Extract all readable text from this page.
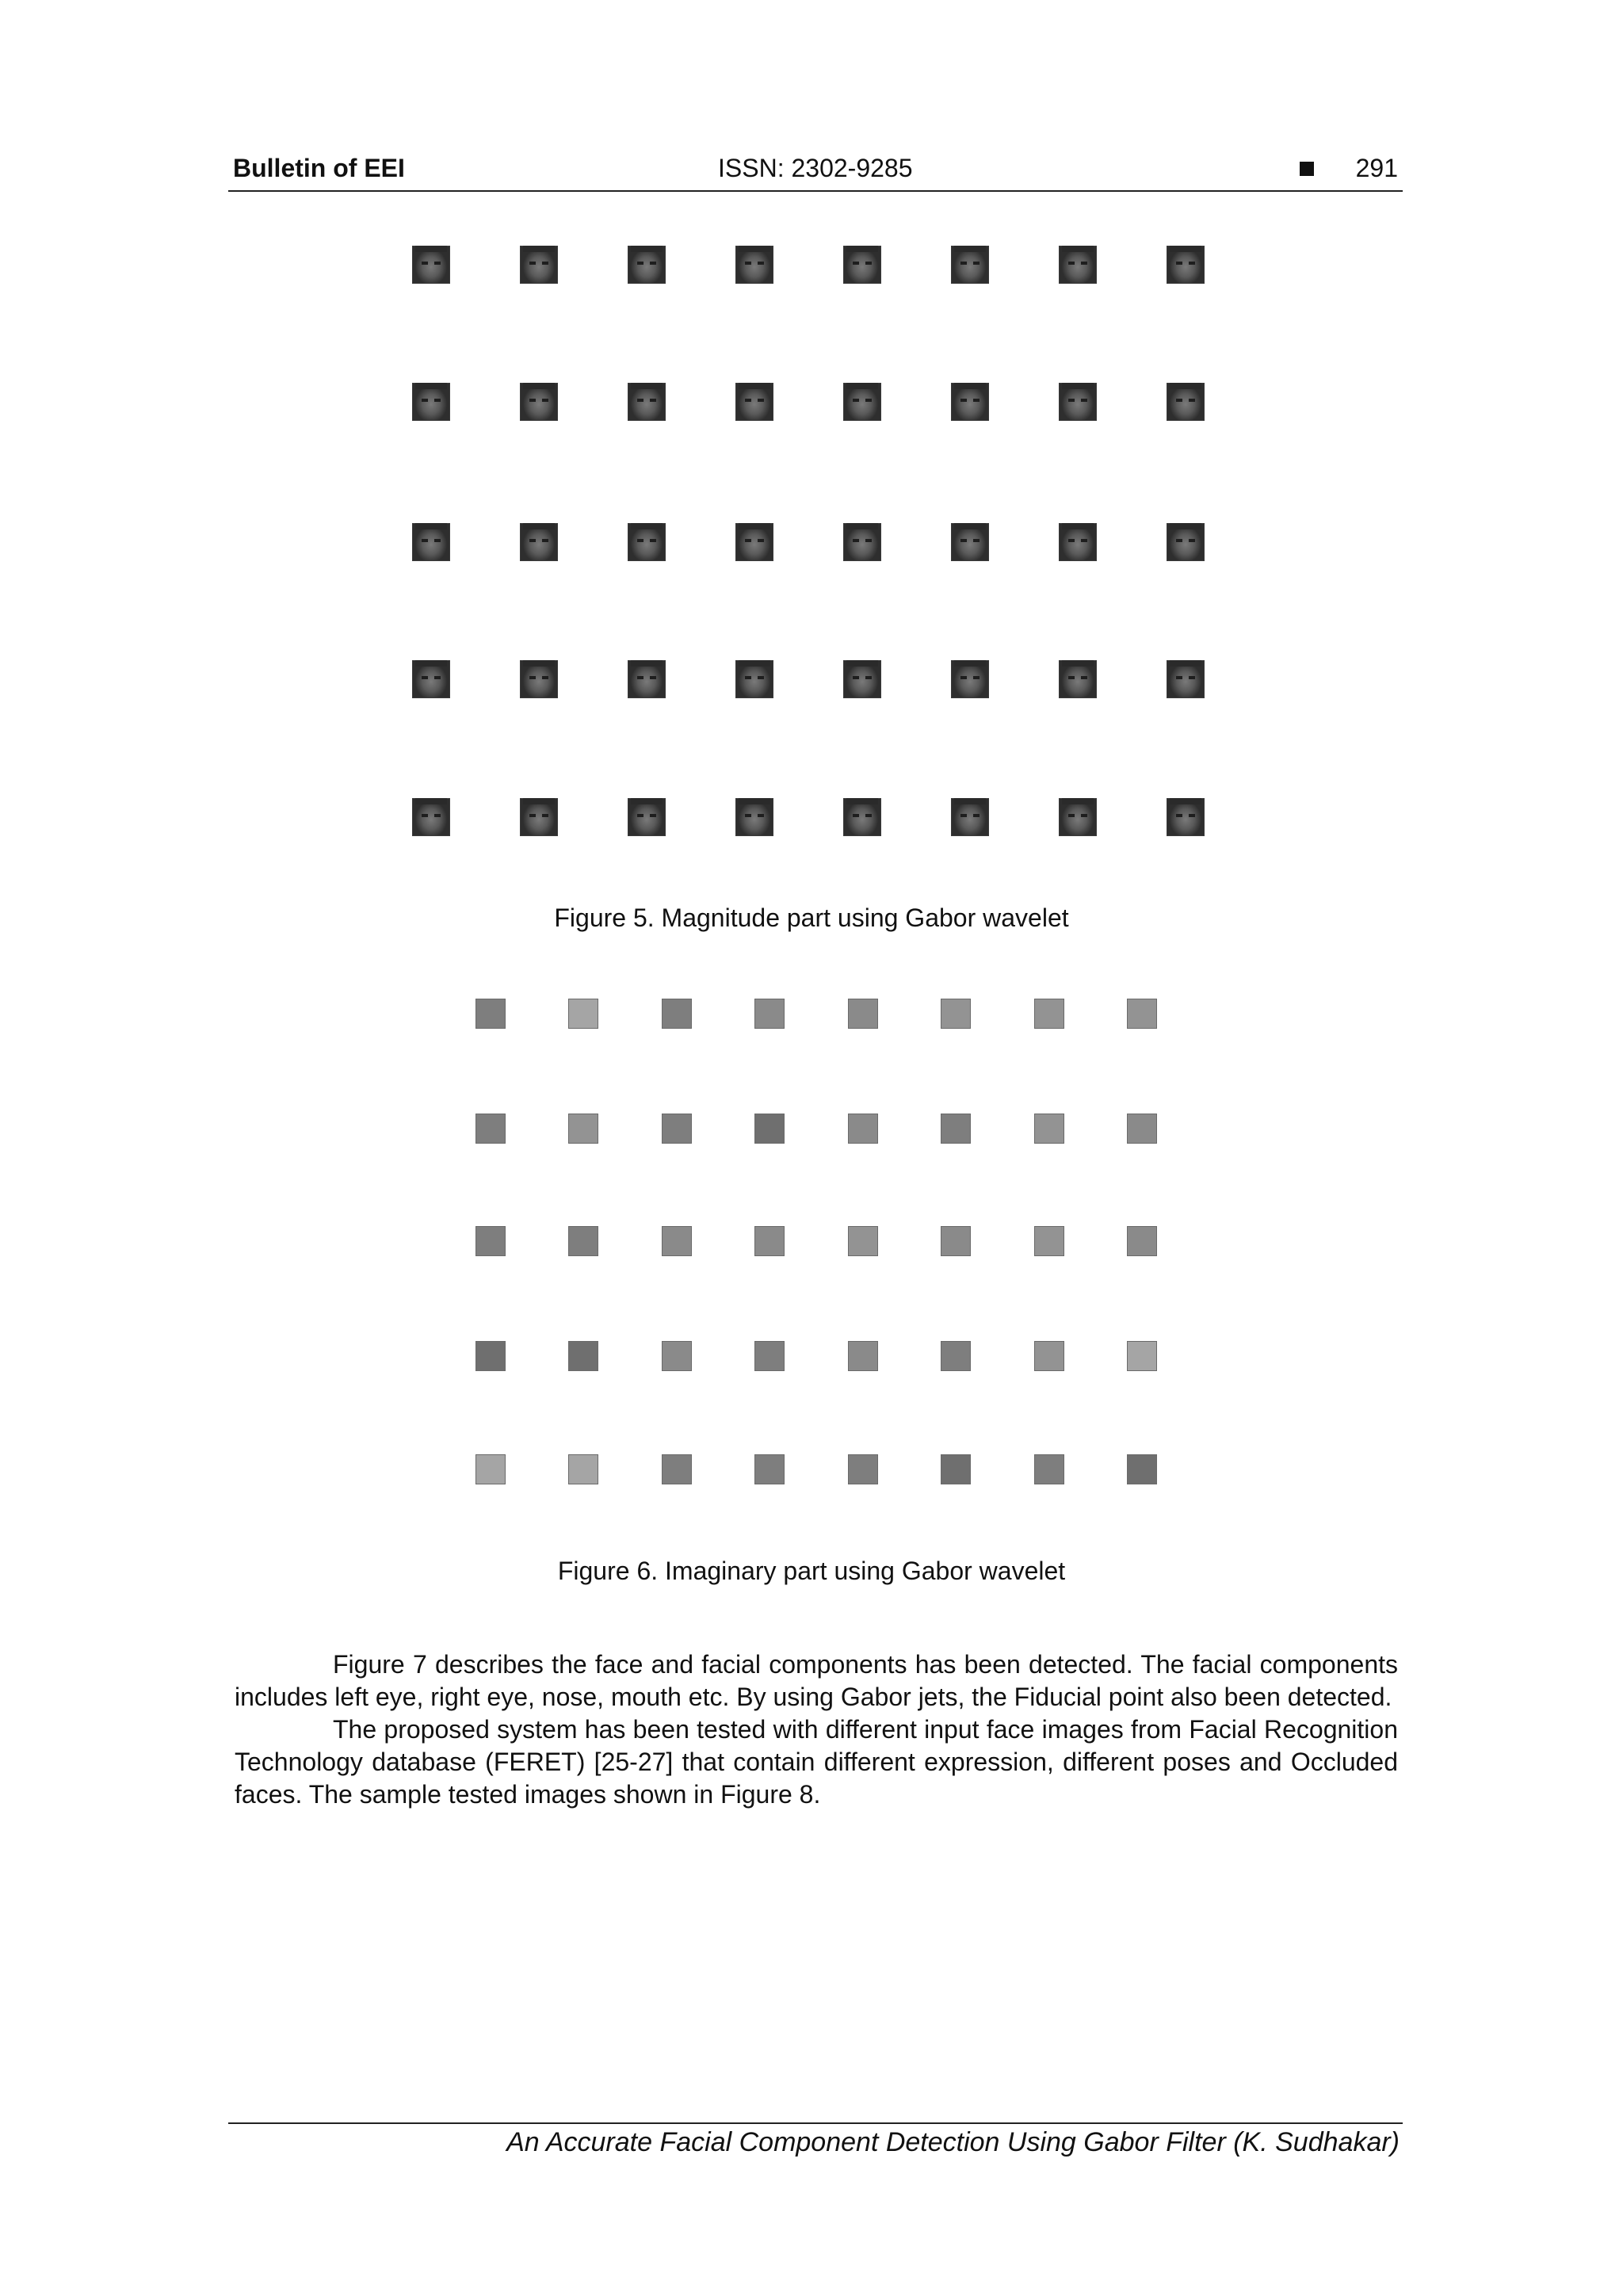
Bulletin of EEI	ISSN: 2302-9285	291
Figure 5. Magnitude part using Gabor wavelet
Figure 6. Imaginary part using Gabor wavelet

Figure 7 describes the face and facial components has been detected. The facial components includes left eye, right eye, nose, mouth etc. By using Gabor jets, the Fiducial point also been detected.

The proposed system has been tested with different input face images from Facial Recognition Technology database (FERET) [25-27] that contain different expression, different poses and Occluded faces. The sample tested images shown in Figure 8.

An Accurate Facial Component Detection Using Gabor Filter (K. Sudhakar)
